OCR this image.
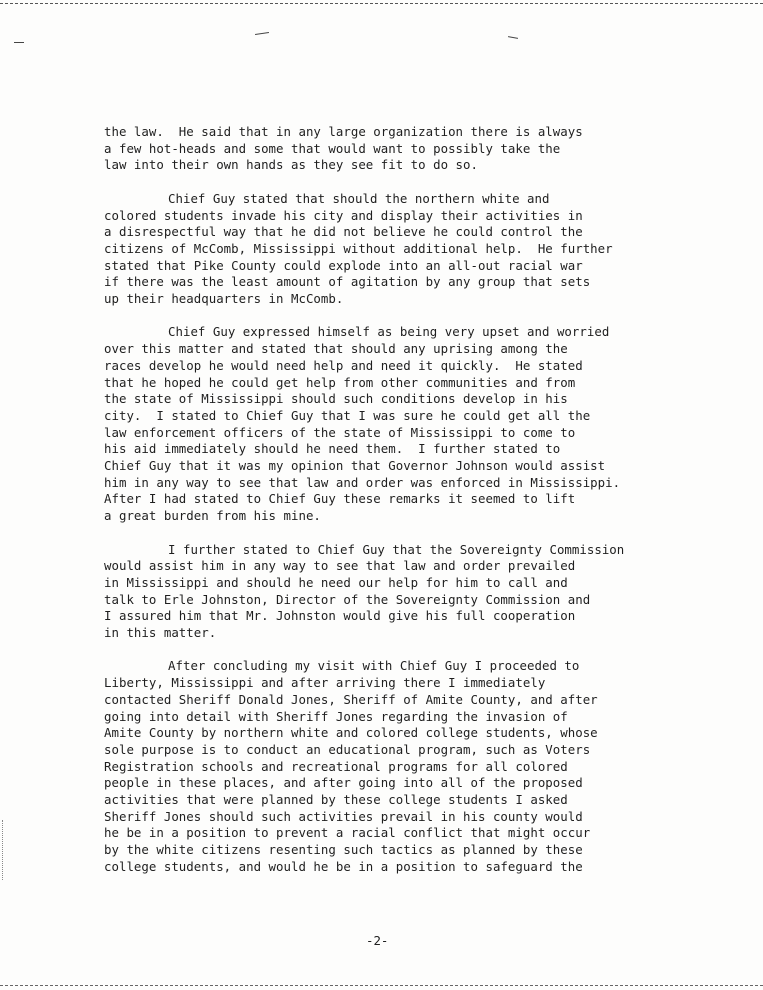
the law.  He said that in any large organization there is always
a few hot-heads and some that would want to possibly take the
law into their own hands as they see fit to do so.
Chief Guy stated that should the northern white and
colored students invade his city and display their activities in
a disrespectful way that he did not believe he could control the
citizens of McComb, Mississippi without additional help.  He further
stated that Pike County could explode into an all-out racial war
if there was the least amount of agitation by any group that sets
up their headquarters in McComb.
Chief Guy expressed himself as being very upset and worried
over this matter and stated that should any uprising among the
races develop he would need help and need it quickly.  He stated
that he hoped he could get help from other communities and from
the state of Mississippi should such conditions develop in his
city.  I stated to Chief Guy that I was sure he could get all the
law enforcement officers of the state of Mississippi to come to
his aid immediately should he need them.  I further stated to
Chief Guy that it was my opinion that Governor Johnson would assist
him in any way to see that law and order was enforced in Mississippi.
After I had stated to Chief Guy these remarks it seemed to lift
a great burden from his mine.
I further stated to Chief Guy that the Sovereignty Commission
would assist him in any way to see that law and order prevailed
in Mississippi and should he need our help for him to call and
talk to Erle Johnston, Director of the Sovereignty Commission and
I assured him that Mr. Johnston would give his full cooperation
in this matter.
After concluding my visit with Chief Guy I proceeded to
Liberty, Mississippi and after arriving there I immediately
contacted Sheriff Donald Jones, Sheriff of Amite County, and after
going into detail with Sheriff Jones regarding the invasion of
Amite County by northern white and colored college students, whose
sole purpose is to conduct an educational program, such as Voters
Registration schools and recreational programs for all colored
people in these places, and after going into all of the proposed
activities that were planned by these college students I asked
Sheriff Jones should such activities prevail in his county would
he be in a position to prevent a racial conflict that might occur
by the white citizens resenting such tactics as planned by these
college students, and would he be in a position to safeguard the
-2-
